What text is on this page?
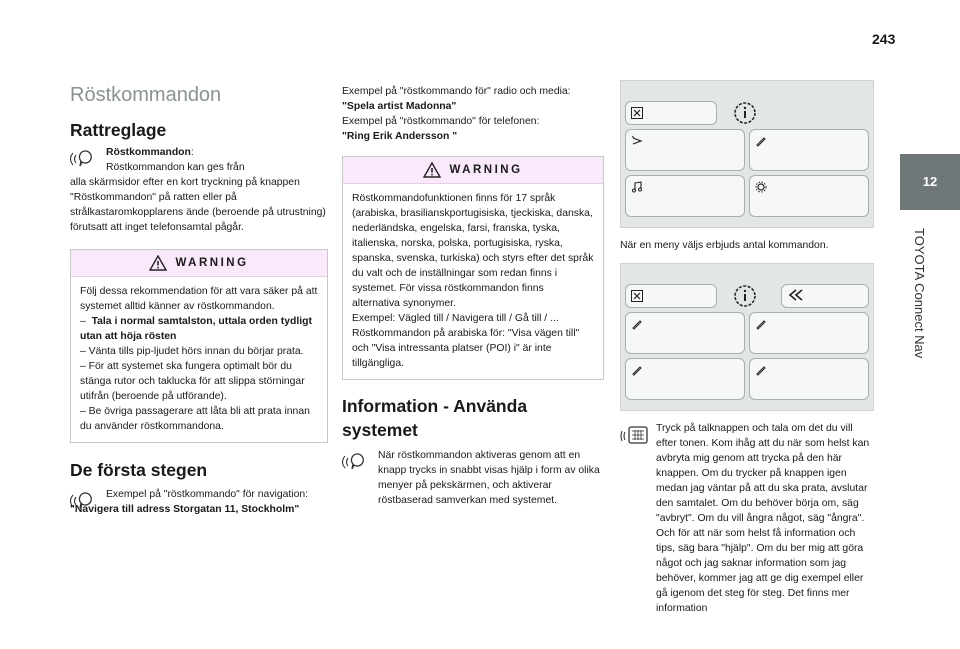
243
12
TOYOTA Connect Nav
Röstkommandon
Rattreglage

Röstkommandon:
Röstkommandon kan ges från

alla skärmsidor efter en kort tryckning på knappen "Röstkommandon" på ratten eller på strålkastaromkopplarens ände (beroende på utrustning) förutsatt att inget telefonsamtal pågår.

WARNING

Följ dessa rekommendation för att vara säker på att systemet alltid känner av röstkommandon.

– Tala i normal samtalston, uttala orden tydligt utan att höja rösten

– Vänta tills pip-ljudet hörs innan du börjar prata.

– För att systemet ska fungera optimalt bör du stänga rutor och taklucka för att slippa störningar utifrån (beroende på utförande).

– Be övriga passagerare att låta bli att prata innan du använder röstkommandona.

De första stegen

Exempel på "röstkommando" för navigation:

"Navigera till adress Storgatan 11, Stockholm"

Exempel på "röstkommando för" radio och media:

"Spela artist Madonna"

Exempel på "röstkommando" för telefonen:

"Ring Erik Andersson "

WARNING

Röstkommandofunktionen finns för 17 språk (arabiska, brasilianskportugisiska, tjeckiska, danska, nederländska, engelska, farsi, franska, tyska, italienska, norska, polska, portugisiska, ryska, spanska, svenska, turkiska) och styrs efter det språk du valt och de inställningar som redan finns i systemet. För vissa röstkommandon finns alternativa synonymer.

Exempel: Vägled till / Navigera till / Gå till / ... Röstkommandon på arabiska för: "Visa vägen till" och "Visa intressanta platser (POI) i" är inte tillgängliga.

Information - Använda systemet

När röstkommandon aktiveras genom att en knapp trycks in snabbt visas hjälp i form av olika menyer på pekskärmen, och aktiverar röstbaserad samverkan med systemet.

När en meny väljs erbjuds antal kommandon.

Tryck på talknappen och tala om det du vill efter tonen. Kom ihåg att du när som helst kan avbryta mig genom att trycka på den här knappen. Om du trycker på knappen igen medan jag väntar på att du ska prata, avslutar den samtalet. Om du behöver börja om, säg "avbryt". Om du vill ångra något, säg "ångra". Och för att när som helst få information och tips, säg bara "hjälp". Om du ber mig att göra något och jag saknar information som jag behöver, kommer jag att ge dig exempel eller gå igenom det steg för steg. Det finns mer information
